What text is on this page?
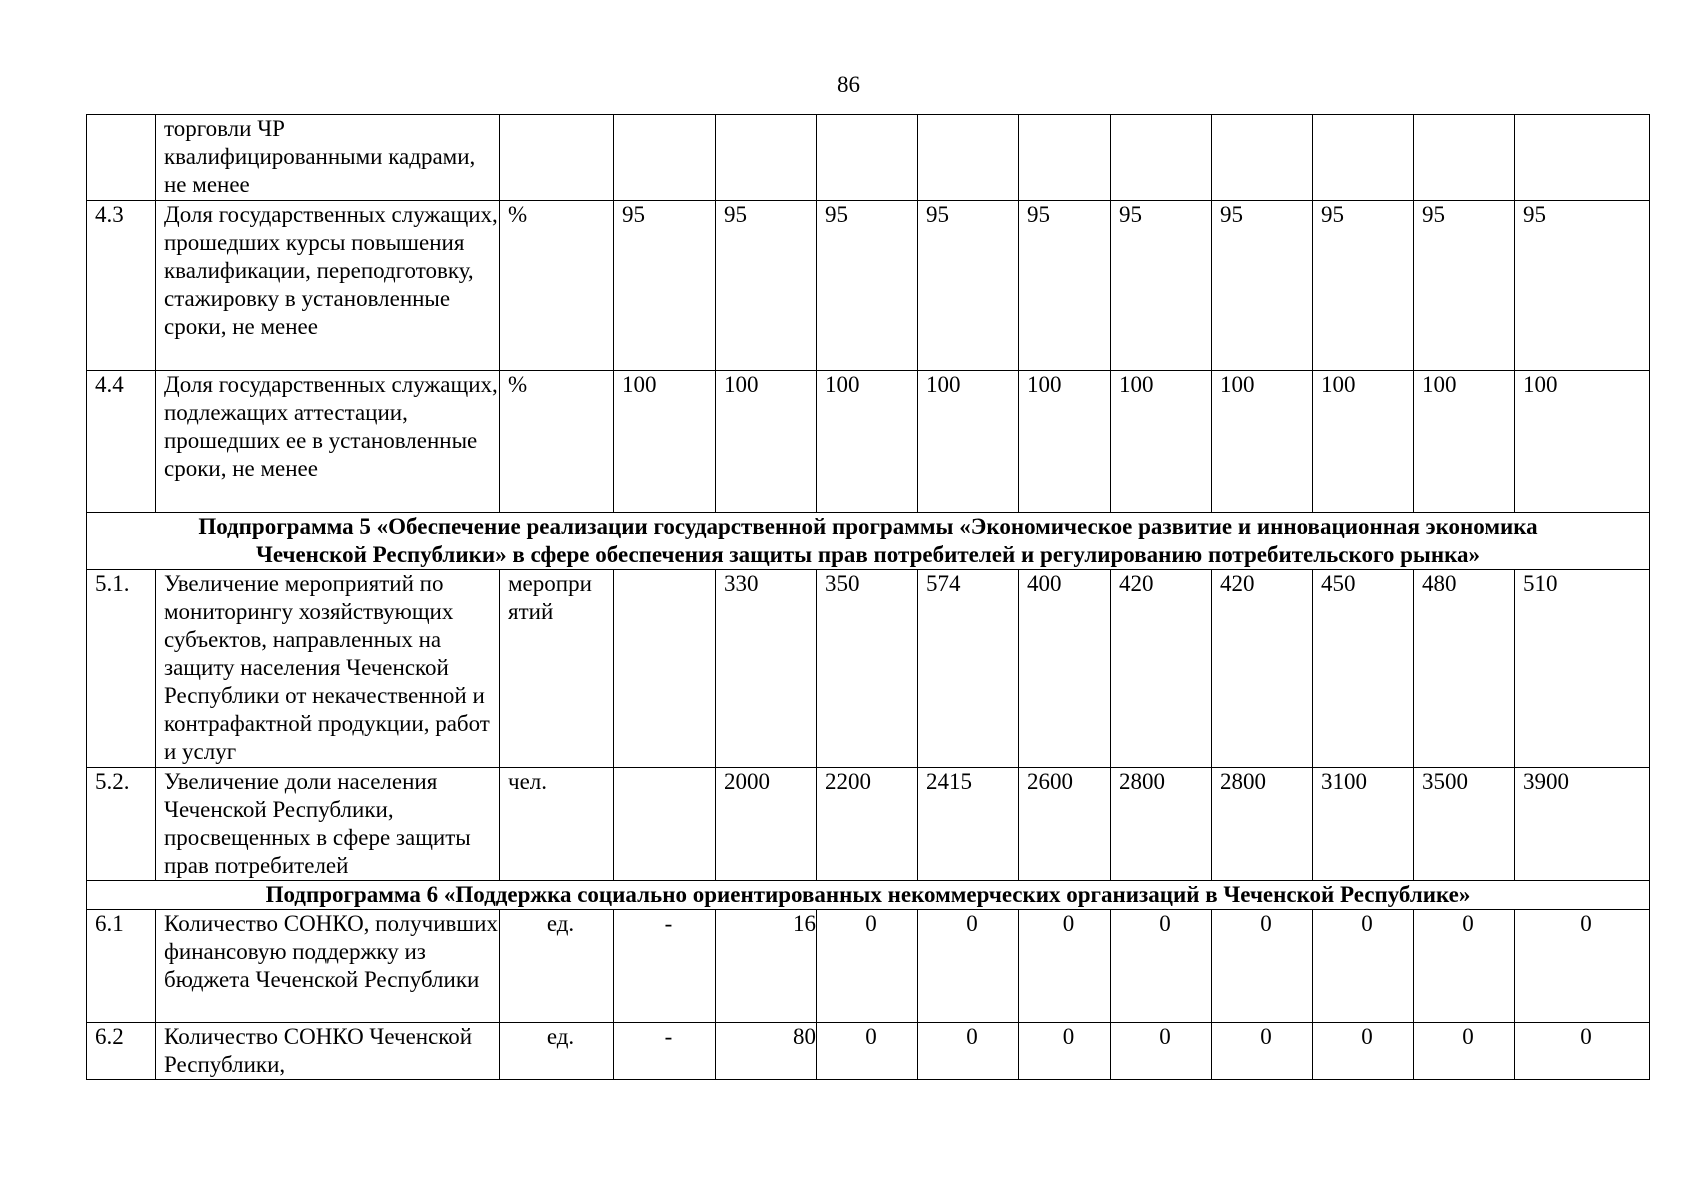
86
	торговли ЧР квалифицированными кадрами, не менее											
4.3	Доля государственных служащих, прошедших курсы повышения квалификации, переподготовку, стажировку в установленные сроки, не менее	%	95	95	95	95	95	95	95	95	95	95
4.4	Доля государственных служащих, подлежащих аттестации, прошедших ее в установленные сроки, не менее	%	100	100	100	100	100	100	100	100	100	100

Подпрограмма 5 «Обеспечение реализации государственной программы «Экономическое развитие и инновационная экономика
Чеченской Республики» в сфере обеспечения защиты прав потребителей и регулированию потребительского рынка»												

5.1.	Увеличение мероприятий по мониторингу хозяйствующих субъектов, направленных на защиту населения Чеченской Республики от некачественной и контрафактной продукции, работ и услуг	меропри ятий		330	350	574	400	420	420	450	480	510
5.2.	Увеличение доли населения Чеченской Республики, просвещенных в сфере защиты прав потребителей	чел.		2000	2200	2415	2600	2800	2800	3100	3500	3900

Подпрограмма 6 «Поддержка социально ориентированных некоммерческих организаций в Чеченской Республике»												

6.1	Количество СОНКО, получивших финансовую поддержку из бюджета Чеченской Республики	ед.	-	16	0	0	0	0	0	0	0	0
6.2	Количество СОНКО Чеченской Республики,	ед.	-	80	0	0	0	0	0	0	0	0
